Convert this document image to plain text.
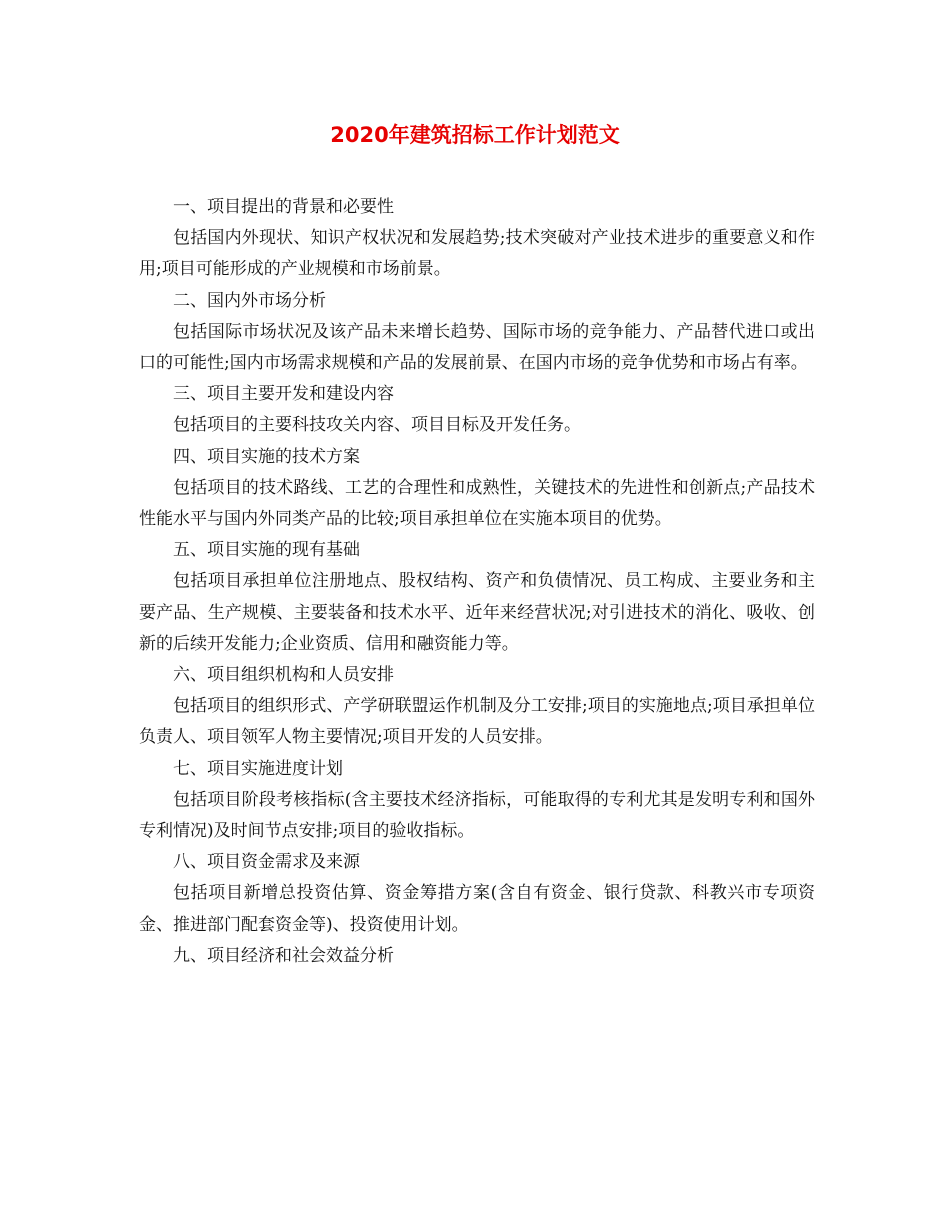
2020年建筑招标工作计划范文

一、项目提出的背景和必要性

包括国内外现状、知识产权状况和发展趋势;技术突破对产业技术进步的重要意义和作用;项目可能形成的产业规模和市场前景。

二、国内外市场分析

包括国际市场状况及该产品未来增长趋势、国际市场的竞争能力、产品替代进口或出口的可能性;国内市场需求规模和产品的发展前景、在国内市场的竞争优势和市场占有率。

三、项目主要开发和建设内容

包括项目的主要科技攻关内容、项目目标及开发任务。

四、项目实施的技术方案

包括项目的技术路线、工艺的合理性和成熟性，关键技术的先进性和创新点;产品技术性能水平与国内外同类产品的比较;项目承担单位在实施本项目的优势。

五、项目实施的现有基础

包括项目承担单位注册地点、股权结构、资产和负债情况、员工构成、主要业务和主要产品、生产规模、主要装备和技术水平、近年来经营状况;对引进技术的消化、吸收、创新的后续开发能力;企业资质、信用和融资能力等。

六、项目组织机构和人员安排

包括项目的组织形式、产学研联盟运作机制及分工安排;项目的实施地点;项目承担单位负责人、项目领军人物主要情况;项目开发的人员安排。

七、项目实施进度计划

包括项目阶段考核指标(含主要技术经济指标，可能取得的专利尤其是发明专利和国外专利情况)及时间节点安排;项目的验收指标。

八、项目资金需求及来源

包括项目新增总投资估算、资金筹措方案(含自有资金、银行贷款、科教兴市专项资金、推进部门配套资金等)、投资使用计划。

九、项目经济和社会效益分析
